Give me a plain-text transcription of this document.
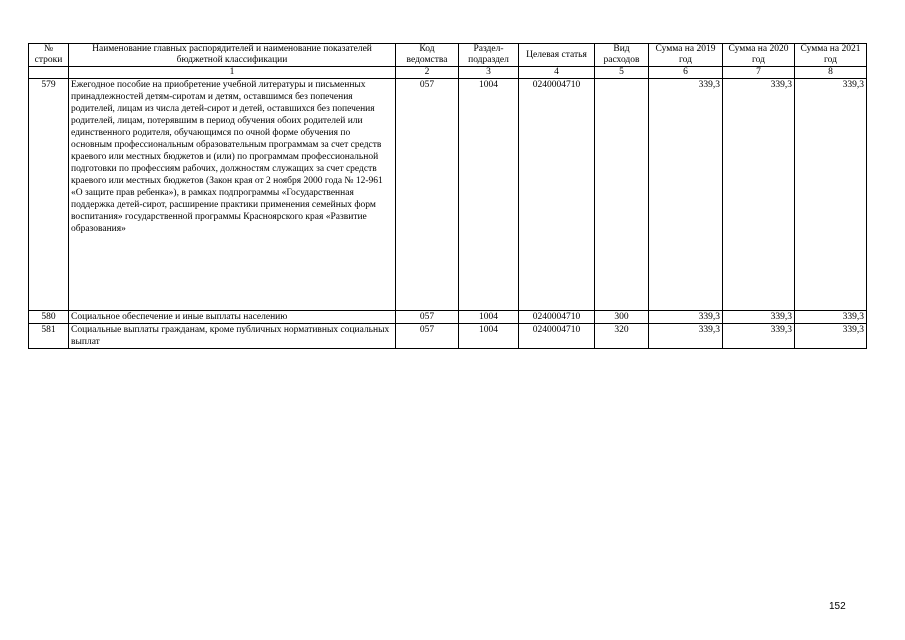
№ строки	Наименование главных распорядителей и наименование показателей бюджетной классификации	Код ведомства	Раздел-подраздел	Целевая статья	Вид расходов	Сумма на 2019 год	Сумма на 2020 год	Сумма на 2021 год
	1	2	3	4	5	6	7	8
579	Ежегодное пособие на приобретение учебной литературы и письменных принадлежностей детям-сиротам и детям, оставшимся без попечения родителей, лицам из числа детей-сирот и детей, оставшихся без попечения родителей, лицам, потерявшим в период обучения обоих родителей или единственного родителя, обучающимся по очной форме обучения по основным профессиональным образовательным программам за счет средств краевого или местных бюджетов и (или) по программам профессиональной подготовки по профессиям рабочих, должностям служащих за счет средств краевого или местных бюджетов (Закон края от 2 ноября 2000 года № 12-961 «О защите прав ребенка»), в рамках подпрограммы «Государственная поддержка детей-сирот, расширение практики применения семейных форм воспитания» государственной программы Красноярского края «Развитие образования»	057	1004	0240004710		339,3	339,3	339,3
580	Социальное обеспечение и иные выплаты населению	057	1004	0240004710	300	339,3	339,3	339,3
581	Социальные выплаты гражданам, кроме публичных нормативных социальных выплат	057	1004	0240004710	320	339,3	339,3	339,3
152
